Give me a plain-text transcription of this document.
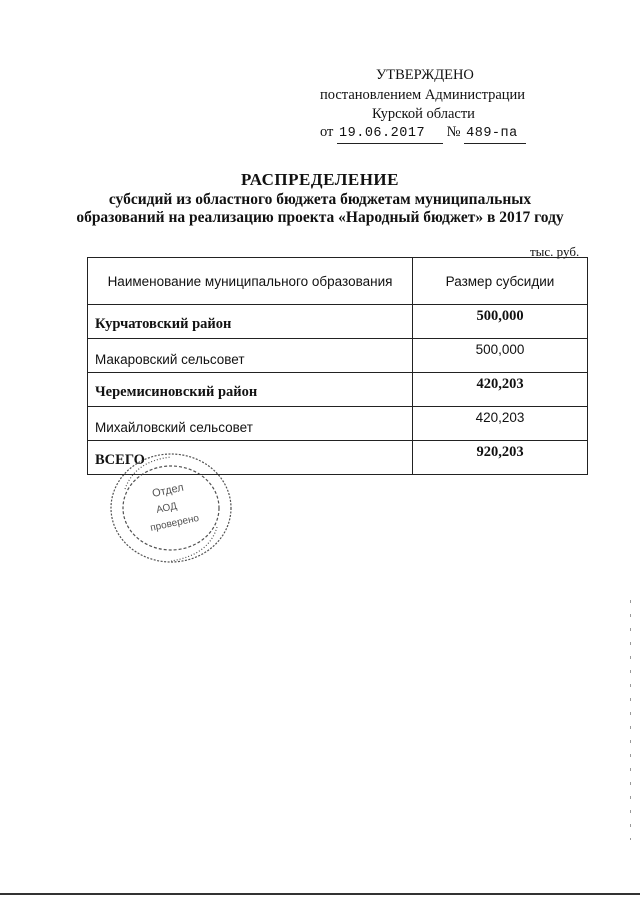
УТВЕРЖДЕНО
постановлением Администрации
Курской области
от 19.06.2017 № 489-па
РАСПРЕДЕЛЕНИЕ
субсидий из областного бюджета бюджетам муниципальных
образований на реализацию проекта «Народный бюджет» в 2017 году
тыс. руб.
Наименование муниципального образования	Размер субсидии
Курчатовский район	500,000
Макаровский сельсовет	500,000
Черемисиновский район	420,203
Михайловский сельсовет	420,203
ВСЕГО	920,203
Отдел
АОД
проверено
